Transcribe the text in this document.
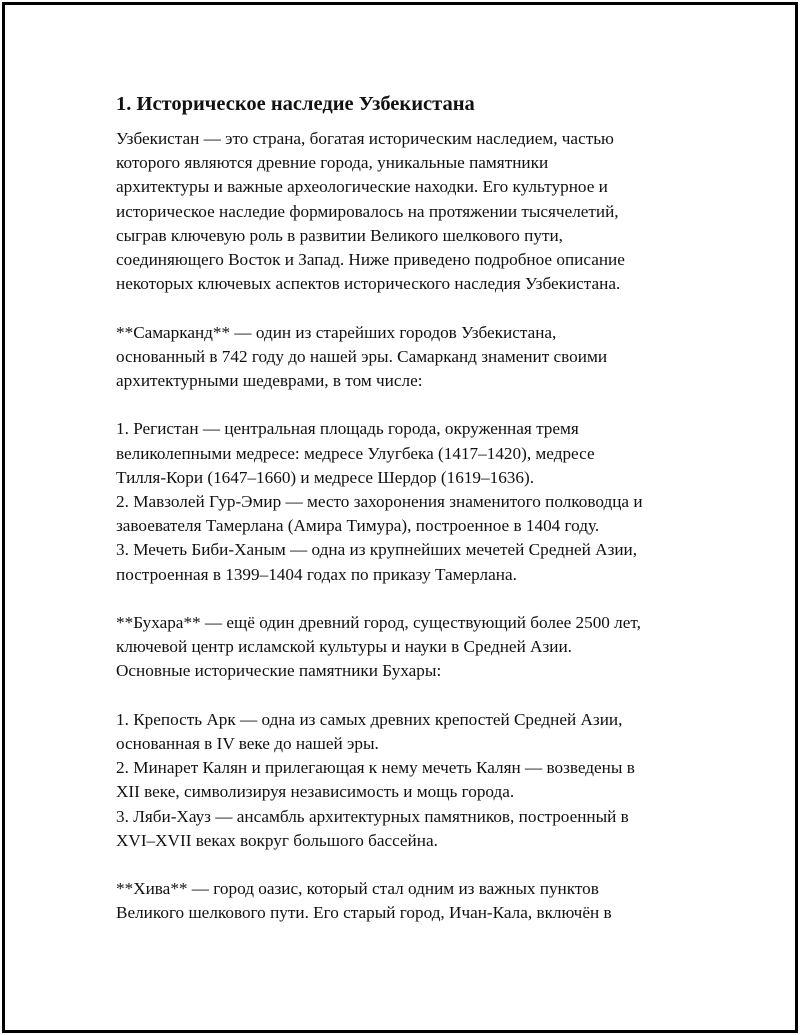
1. Историческое наследие Узбекистана
Узбекистан — это страна, богатая историческим наследием, частью
которого являются древние города, уникальные памятники
архитектуры и важные археологические находки. Его культурное и
историческое наследие формировалось на протяжении тысячелетий,
сыграв ключевую роль в развитии Великого шелкового пути,
соединяющего Восток и Запад. Ниже приведено подробное описание
некоторых ключевых аспектов исторического наследия Узбекистана.
**Самарканд** — один из старейших городов Узбекистана,
основанный в 742 году до нашей эры. Самарканд знаменит своими
архитектурными шедеврами, в том числе:
1. Регистан — центральная площадь города, окруженная тремя
великолепными медресе: медресе Улугбека (1417–1420), медресе
Тилля-Кори (1647–1660) и медресе Шердор (1619–1636).
2. Мавзолей Гур-Эмир — место захоронения знаменитого полководца и
завоевателя Тамерлана (Амира Тимура), построенное в 1404 году.
3. Мечеть Биби-Ханым — одна из крупнейших мечетей Средней Азии,
построенная в 1399–1404 годах по приказу Тамерлана.
**Бухара** — ещё один древний город, существующий более 2500 лет,
ключевой центр исламской культуры и науки в Средней Азии.
Основные исторические памятники Бухары:
1. Крепость Арк — одна из самых древних крепостей Средней Азии,
основанная в IV веке до нашей эры.
2. Минарет Калян и прилегающая к нему мечеть Калян — возведены в
XII веке, символизируя независимость и мощь города.
3. Ляби-Хауз — ансамбль архитектурных памятников, построенный в
XVI–XVII веках вокруг большого бассейна.
**Хива** — город оазис, который стал одним из важных пунктов
Великого шелкового пути. Его старый город, Ичан-Кала, включён в
